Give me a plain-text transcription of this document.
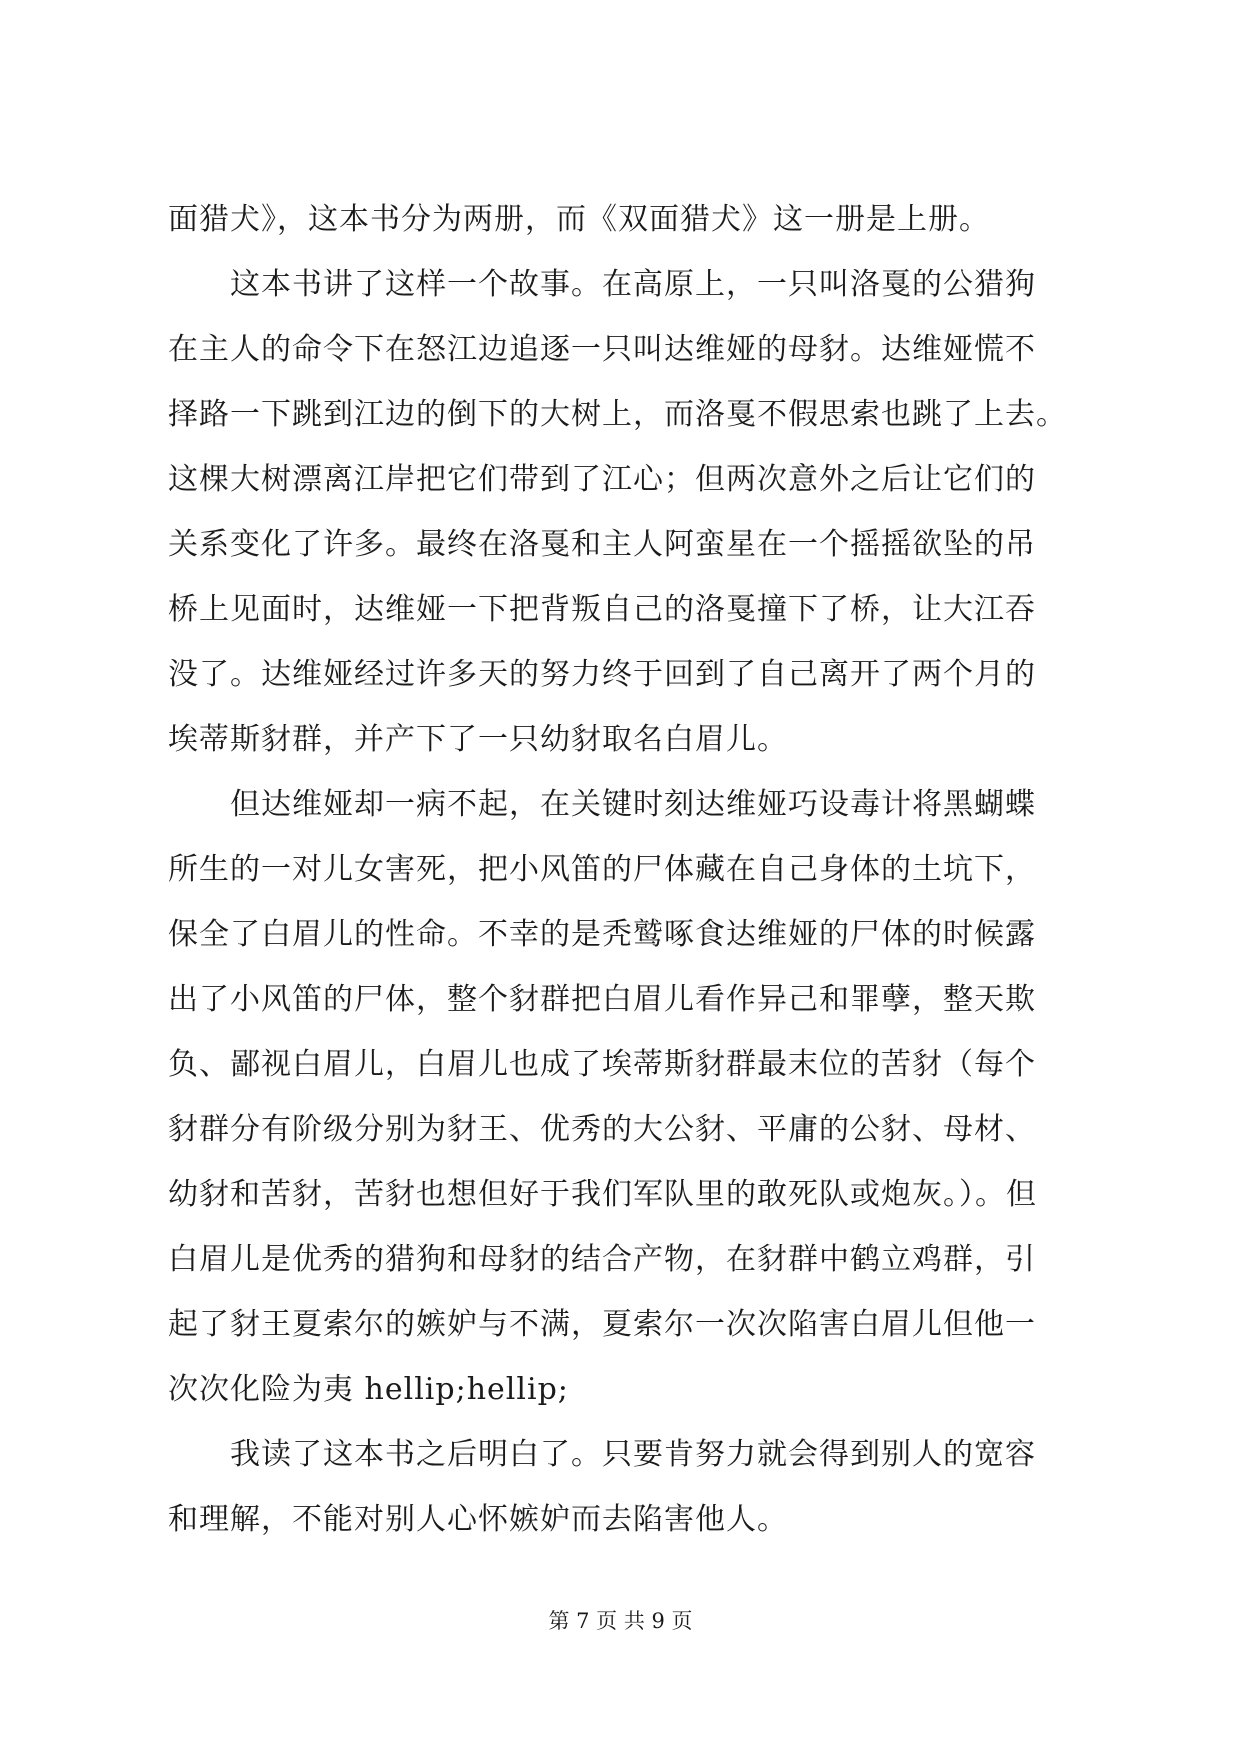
面猎犬》，这本书分为两册，而《双面猎犬》这一册是上册。
　　这本书讲了这样一个故事。在高原上，一只叫洛戛的公猎狗
在主人的命令下在怒江边追逐一只叫达维娅的母豺。达维娅慌不
择路一下跳到江边的倒下的大树上，而洛戛不假思索也跳了上去。
这棵大树漂离江岸把它们带到了江心；但两次意外之后让它们的
关系变化了许多。最终在洛戛和主人阿蛮星在一个摇摇欲坠的吊
桥上见面时，达维娅一下把背叛自己的洛戛撞下了桥，让大江吞
没了。达维娅经过许多天的努力终于回到了自己离开了两个月的
埃蒂斯豺群，并产下了一只幼豺取名白眉儿。
　　但达维娅却一病不起，在关键时刻达维娅巧设毒计将黑蝴蝶
所生的一对儿女害死，把小风笛的尸体藏在自己身体的土坑下，
保全了白眉儿的性命。不幸的是秃鹫啄食达维娅的尸体的时候露
出了小风笛的尸体，整个豺群把白眉儿看作异己和罪孽，整天欺
负、鄙视白眉儿，白眉儿也成了埃蒂斯豺群最末位的苦豺（每个
豺群分有阶级分别为豺王、优秀的大公豺、平庸的公豺、母材、
幼豺和苦豺，苦豺也想但好于我们军队里的敢死队或炮灰。）。但
白眉儿是优秀的猎狗和母豺的结合产物，在豺群中鹤立鸡群，引
起了豺王夏索尔的嫉妒与不满，夏索尔一次次陷害白眉儿但他一
次次化险为夷 hellip;hellip;
　　我读了这本书之后明白了。只要肯努力就会得到别人的宽容
和理解，不能对别人心怀嫉妒而去陷害他人。
第 7 页 共 9 页
